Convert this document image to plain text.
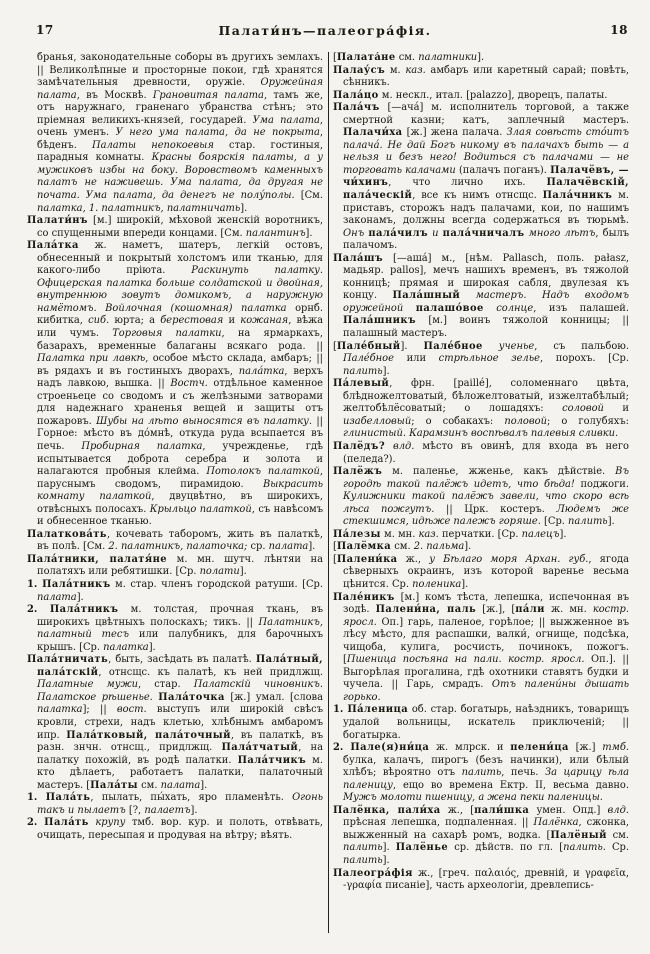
17	Палати́нъ—палеогра́фія.	18

бранья, законодательные соборы въ другихъ землахъ. || Великолѣпные и просторные покои, гдѣ хранятся замѣчательныя древности, оружіе. Оружейная палата, въ Москвѣ. Грановитая палата, тамъ же, отъ наружнаго, граненаго убранства стѣнъ; это пріемная великихъ-князей, государей. Ума палата, очень уменъ. У него ума палата, да не покрыта, бѣденъ. Палаты непокоевыя стар. гостиныя, парадныя комнаты. Красны боярскія палаты, а у мужиковъ избы на боку. Воровствомъ каменныхъ палатъ не наживешь. Ума палата, да другая не почата. Ума палата, да денегъ не полу́полы. [См. палатка, 1. палатникъ, палатничать].

Палати́нъ [м.] широкій, мѣховой женскій воротникъ, со спущенными впереди концами. [См. палантинъ].

Пала́тка ж. наметъ, шатеръ, легкій остовъ, обнесенный и покрытый холстомъ или тканью, для какого-либо пріюта. Раскинуть палатку. Офицерская палатка больше солдатской и двойная, внутреннюю зовутъ домикомъ, а наружную намётомъ. Войлочная (кошомная) палатка орнб. кибитка, сиб. юрта; а берестовая и кожаная, вѣжа или чумъ. Торговыя палатки, на ярмаркахъ, базарахъ, временные балаганы всякаго рода. || Палатка при лавкѣ, особое мѣсто склада, амбаръ; || въ рядахъ и въ гостиныхъ дворахъ, пала́тка, верхъ надъ лавкою, вышка. || Востч. отдѣльное каменное строеньеце со сводомъ и съ желѣзными затворами для надежнаго храненья вещей и защиты отъ пожаровъ. Шубы на лѣто выносятся въ палатку. || Горное: мѣсто въ до́мнѣ, откуда руда всыпается въ печь. Пробирная палатка, учрежденье, гдѣ испытывается доброта серебра и золота и налагаются пробныя клейма. Потолокъ палаткой, паруснымъ сводомъ, пирамидою. Выкрасить комнату палаткой, двуцвѣтно, въ широкихъ, отвѣсныхъ полосахъ. Крыльцо палаткой, съ навѣсомъ и обнесенное тканью.

Палаткова́ть, кочевать таборомъ, жить въ палаткѣ, въ полѣ. [См. 2. палатникъ, палаточка; ср. палата].

Пала́тники, палатя́не м. мн. шутч. лѣнтяи на полатяхъ или ребятишки. [Ср. полати].

1. Пала́тникъ м. стар. членъ городской ратуши. [Ср. палата].

2. Пала́тникъ м. толстая, прочная ткань, въ широкихъ цвѣтныхъ полоскахъ; тикъ. || Палатникъ, палатный тесъ или палубникъ, для барочныхъ крышъ. [Ср. палатка].

Пала́тничать, быть, засѣдать въ палатѣ. Пала́тный, пала́тскій, отнсщс. къ палатѣ, къ ней придлжщ. Палатные мужи, стар. Палатскій чиновникъ. Палатское рѣшенье. Пала́точка [ж.] умал. [слова палатка]; || вост. выступъ или широкій свѣсъ кровли, стрехи, надъ клетью, хлѣбнымъ амбаромъ ипр. Пала́тковый, пала́точный, въ палаткѣ, въ разн. знчн. отнсщ., придлжщ. Пала́тчатый, на палатку похожій, въ родѣ палатки. Пала́тчикъ м. кто дѣлаетъ, работаетъ палатки, палаточный мастеръ. [Пала́ты см. палата].

1. Пала́ть, пылать, пы́хать, яро пламенѣть. Огонь такъ и пылаетъ [?, палаетъ].

2. Пала́ть крупу тмб. вор. кур. и полоть, отвѣвать, очищать, пересыпая и продувая на вѣтру; вѣять.

[Палата́не см. палатники].

Палау́съ м. каз. амбаръ или каретный сарай; повѣть, сѣнникъ.

Пала́цо м. нескл., итал. [palazzo], дворецъ, палаты.

Пала́чъ [—ача́] м. исполнитель торговой, а также смертной казни; катъ, заплечный мастеръ. Палачи́ха [ж.] жена палача. Злая совѣсть сто́итъ палача́. Не дай Богъ никому въ палачахъ быть — а нельзя и безъ него! Водиться съ палачами — не торговать калачами (палачъ поганъ). Палачёвъ, —чи́хинъ, что лично ихъ. Палачёвскій, пала́ческій, все къ нимъ отнсщс. Пала́чникъ м. приставъ, сторожъ надъ палачами, кои, по нашимъ законамъ, должны всегда содержаться въ тюрьмѣ. Онъ пала́чилъ и пала́чничалъ много лѣтъ, былъ палачомъ.

Пала́шъ [—аша́] м., [нѣм. Pallasch, поль. pałasz, мадьяр. pallos], мечъ нашихъ временъ, въ тяжолой конницѣ; прямая и широкая сабля, двулезая къ концу. Пала́шный мастеръ. Надъ входомъ оружейной палашо́вое солнце, изъ палашей. Пала́шникъ [м.] воинъ тяжолой конницы; || палашный мастеръ.

[Пале́бный]. Пале́бное ученье, съ пальбою. Пале́бное или стрѣльное зелье, порохъ. [Ср. палить].

Па́левый, фрн. [paillé], соломеннаго цвѣта, блѣдножелтоватый, бѣложелтоватый, изжелтабѣлый; желтобѣлёсоватый; о лошадяхъ: соловой и изабелловый; о собакахъ: половой; о голубяхъ: глинистый. Карамзинъ воспѣвалъ палевыя сливки.

Палёдъ? влд. мѣсто въ овинѣ, для входа въ него (пеледа?).

Палёжъ м. паленье, жженье, какъ дѣйствіе. Въ городѣ такой палёжъ идетъ, что бѣда! поджоги. Кулижники такой палёжъ завели, что скоро всѣ лѣса пожгутъ. || Црк. костеръ. Людемъ же стекшимся, идѣже палежъ горяше. [Ср. палить].

Па́лезы м. мн. каз. перчатки. [Ср. палецъ].

[Палёмка см. 2. пальма].

[Палени́ка ж., у Бѣлаго моря Архан. губ., ягода сѣверныхъ окраинъ, изъ которой варенье весьма цѣнится. Ср. поленика].

Пале́никъ [м.] комъ тѣста, лепешка, испечонная въ зодѣ. Палени́на, паль [ж.], [па́ли ж. мн. костр. яросл. Оп.] гарь, паленое, горѣлое; || выжженное въ лѣсу мѣсто, для распашки, валки́, огнище, подсѣка, чищоба, кулига, росчисть, починокъ, пожогъ. [Пшеница посѣяна на пали. костр. яросл. Оп.]. || Выгорѣлая прогалина, гдѣ охотники ставятъ будки и чучела. || Гарь, смрадъ. Отъ палени́ны дышать горько.

1. Па́леница об. стар. богатырь, наѣздникъ, товарищъ удалой вольницы, искатель приключеній; || богатырка.

2. Пале(я)ни́ца ж. млрск. и пелени́ца [ж.] тмб. булка, калачъ, пирогъ (безъ начинки), или бѣлый хлѣбъ; вѣроятно отъ палить, печь. За царицу ѣла паленицу, ещо во времена Ектр. II, весьма давно. Мужъ молоти пшеницу, а жена пеки паленицы.

Палёнка, пали́ха ж., [пали́шка умен. Опд.] влд. прѣсная лепешка, подпаленная. || Палёнка, сжонка, выжженный на сахарѣ ромъ, водка. [Палёный см. палить]. Палёнье ср. дѣйств. по гл. [палить. Ср. палить].

Палеогра́фія ж., [греч. παλαιός, древній, и γραφεῖα, -γραφία писаніе], часть археологіи, древлепись-
